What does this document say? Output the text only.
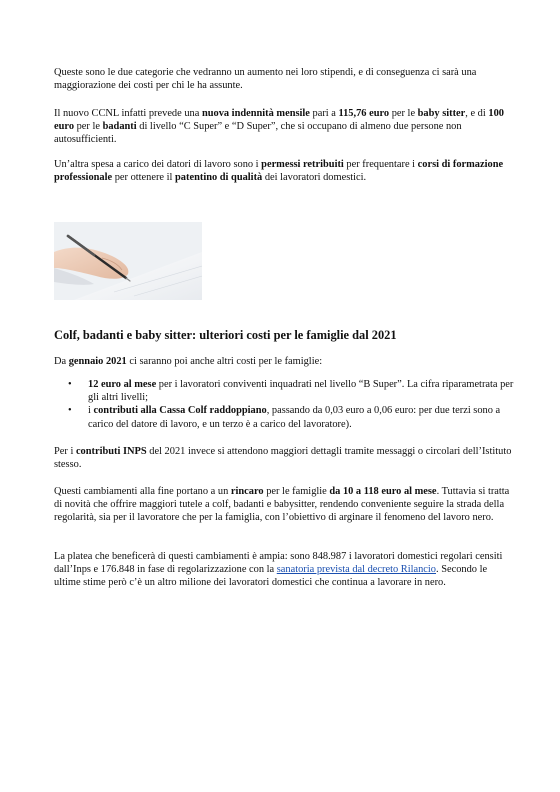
Queste sono le due categorie che vedranno un aumento nei loro stipendi, e di conseguenza ci sarà una maggiorazione dei costi per chi le ha assunte.

Il nuovo CCNL infatti prevede una nuova indennità mensile pari a 115,76 euro per le baby sitter, e di 100 euro per le badanti di livello “C Super” e “D Super”, che si occupano di almeno due persone non autosufficienti.

Un’altra spesa a carico dei datori di lavoro sono i permessi retribuiti per frequentare i corsi di formazione professionale per ottenere il patentino di qualità dei lavoratori domestici.

Colf, badanti e baby sitter: ulteriori costi per le famiglie dal 2021

Da gennaio 2021 ci saranno poi anche altri costi per le famiglie:

• 12 euro al mese per i lavoratori conviventi inquadrati nel livello “B Super”. La cifra riparametrata per gli altri livelli;
• i contributi alla Cassa Colf raddoppiano, passando da 0,03 euro a 0,06 euro: per due terzi sono a carico del datore di lavoro, e un terzo è a carico del lavoratore).

Per i contributi INPS del 2021 invece si attendono maggiori dettagli tramite messaggi o circolari dell’Istituto stesso.

Questi cambiamenti alla fine portano a un rincaro per le famiglie da 10 a 118 euro al mese. Tuttavia si tratta di novità che offrire maggiori tutele a colf, badanti e babysitter, rendendo conveniente seguire la strada della regolarità, sia per il lavoratore che per la famiglia, con l’obiettivo di arginare il fenomeno del lavoro nero.

La platea che beneficerà di questi cambiamenti è ampia: sono 848.987 i lavoratori domestici regolari censiti dall’Inps e 176.848 in fase di regolarizzazione con la sanatoria prevista dal decreto Rilancio. Secondo le ultime stime però c’è un altro milione dei lavoratori domestici che continua a lavorare in nero.
